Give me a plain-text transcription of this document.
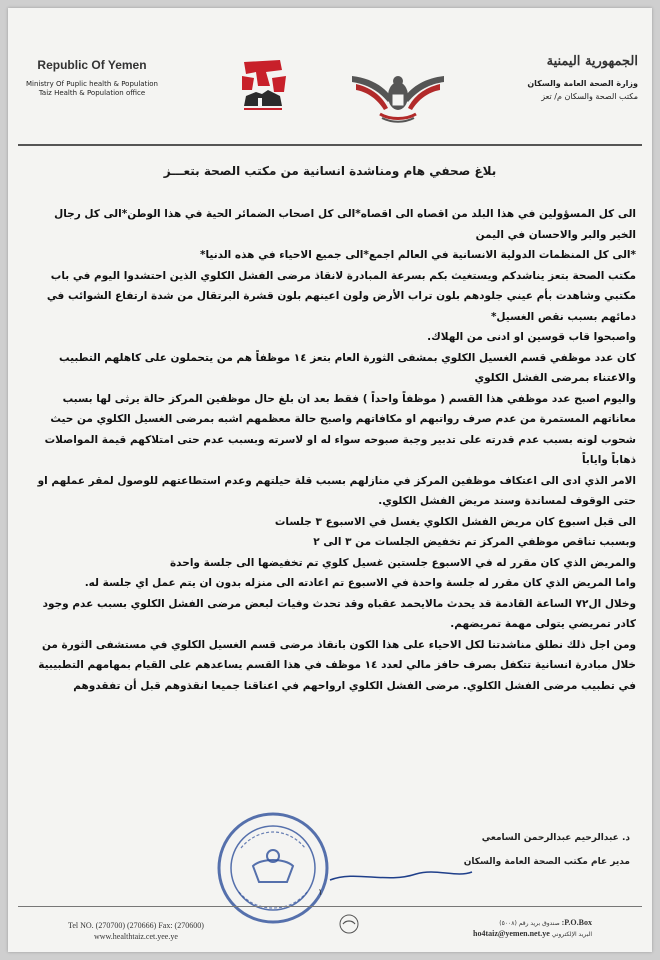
Republic Of Yemen
Ministry Of Puplic health & Population
Taiz Health & Population office
الجمهورية اليمنية
وزارة الصحة العامة والسكان
مكتب الصحة والسكان م/ تعز
بلاغ صحفي هام ومناشدة انسانية من مكتب الصحة بتعـــز

الى كل المسؤولين في هذا البلد من اقصاه الى اقصاه*الى كل اصحاب الضمائر الحية في هذا الوطن*الى كل رجال الخير والبر والاحسان في اليمن

*الى كل المنظمات الدولية الانسانية في العالم اجمع*الى جميع الاحياء في هذه الدنيا*

مكتب الصحة بتعز يناشدكم ويستغيث بكم بسرعة المبادرة لانقاذ مرضى الفشل الكلوي الذين احتشدوا اليوم في باب مكتبي وشاهدت بأم عيني جلودهم بلون تراب الأرض ولون اعينهم بلون قشرة البرتقال من شدة ارتفاع الشوائب في دمائهم بسبب نقص الغسيل*

واصبحوا قاب قوسين او ادنى من الهلاك.

كان عدد موظفي قسم الغسيل الكلوي بمشفى الثورة العام بتعز ١٤ موظفاً هم من يتحملون على كاهلهم التطبيب والاعتناء بمرضى الفشل الكلوي

واليوم اصبح عدد موظفي هذا القسم ( موظفاً واحداً ) فقط بعد ان بلغ حال موظفين المركز حالة يرثى لها بسبب معاناتهم المستمرة من عدم صرف رواتبهم او مكافاتهم واصبح حالة معظمهم اشبه بمرضى الغسيل الكلوي من حيث شحوب لونه بسبب عدم قدرته على تدبير وجبة صبوحه سواء له او لاسرته وبسبب عدم حتى امتلاكهم قيمة المواصلات ذهاباً واياباً

الامر الذي ادى الى اعتكاف موظفين المركز في منازلهم بسبب قلة حيلتهم وعدم استطاعتهم للوصول لمقر عملهم او حتى الوقوف لمساندة وسند مريض الفشل الكلوي.

الى قبل اسبوع كان مريض الفشل الكلوي يغسل في الاسبوع ٣ جلسات

وبسبب تناقص موظفي المركز تم تخفيض الجلسات من ٣ الى ٢

والمريض الذي كان مقرر له في الاسبوع جلستين غسيل كلوي تم تخفيضها الى جلسة واحدة

واما المريض الذي كان مقرر له جلسة واحدة في الاسبوع تم اعادته الى منزله بدون ان يتم عمل اي جلسة له.

وخلال ال٧٢ الساعة القادمة قد يحدث مالايحمد عقباه وقد تحدث وفيات لبعض مرضى الفشل الكلوي بسبب عدم وجود كادر تمريضي يتولى مهمة تمريضهم.

ومن اجل ذلك نطلق مناشدتنا لكل الاحياء على هذا الكون بانقاذ مرضى قسم الغسيل الكلوي في مستشفى الثورة من خلال مبادرة انسانية تتكفل بصرف حافز مالي لعدد ١٤ موظف في هذا القسم يساعدهم على القيام بمهامهم التطبيبية في تطبيب مرضى الفشل الكلوي. مرضى الفشل الكلوي ارواحهم في اعناقنا جميعا انقذوهم قبل أن تفقدوهم

د. عبدالرحيم عبدالرحمن السامعي
مدير عام مكتب الصحة العامة والسكان
١
Tel NO. (270700) (270666) Fax: (270600)
www.healthtaiz.cet.yee.ye
P.O.Box: صندوق بريد رقم (٥٠٠٨)
البريد الإلكتروني ho4taiz@yemen.net.ye
